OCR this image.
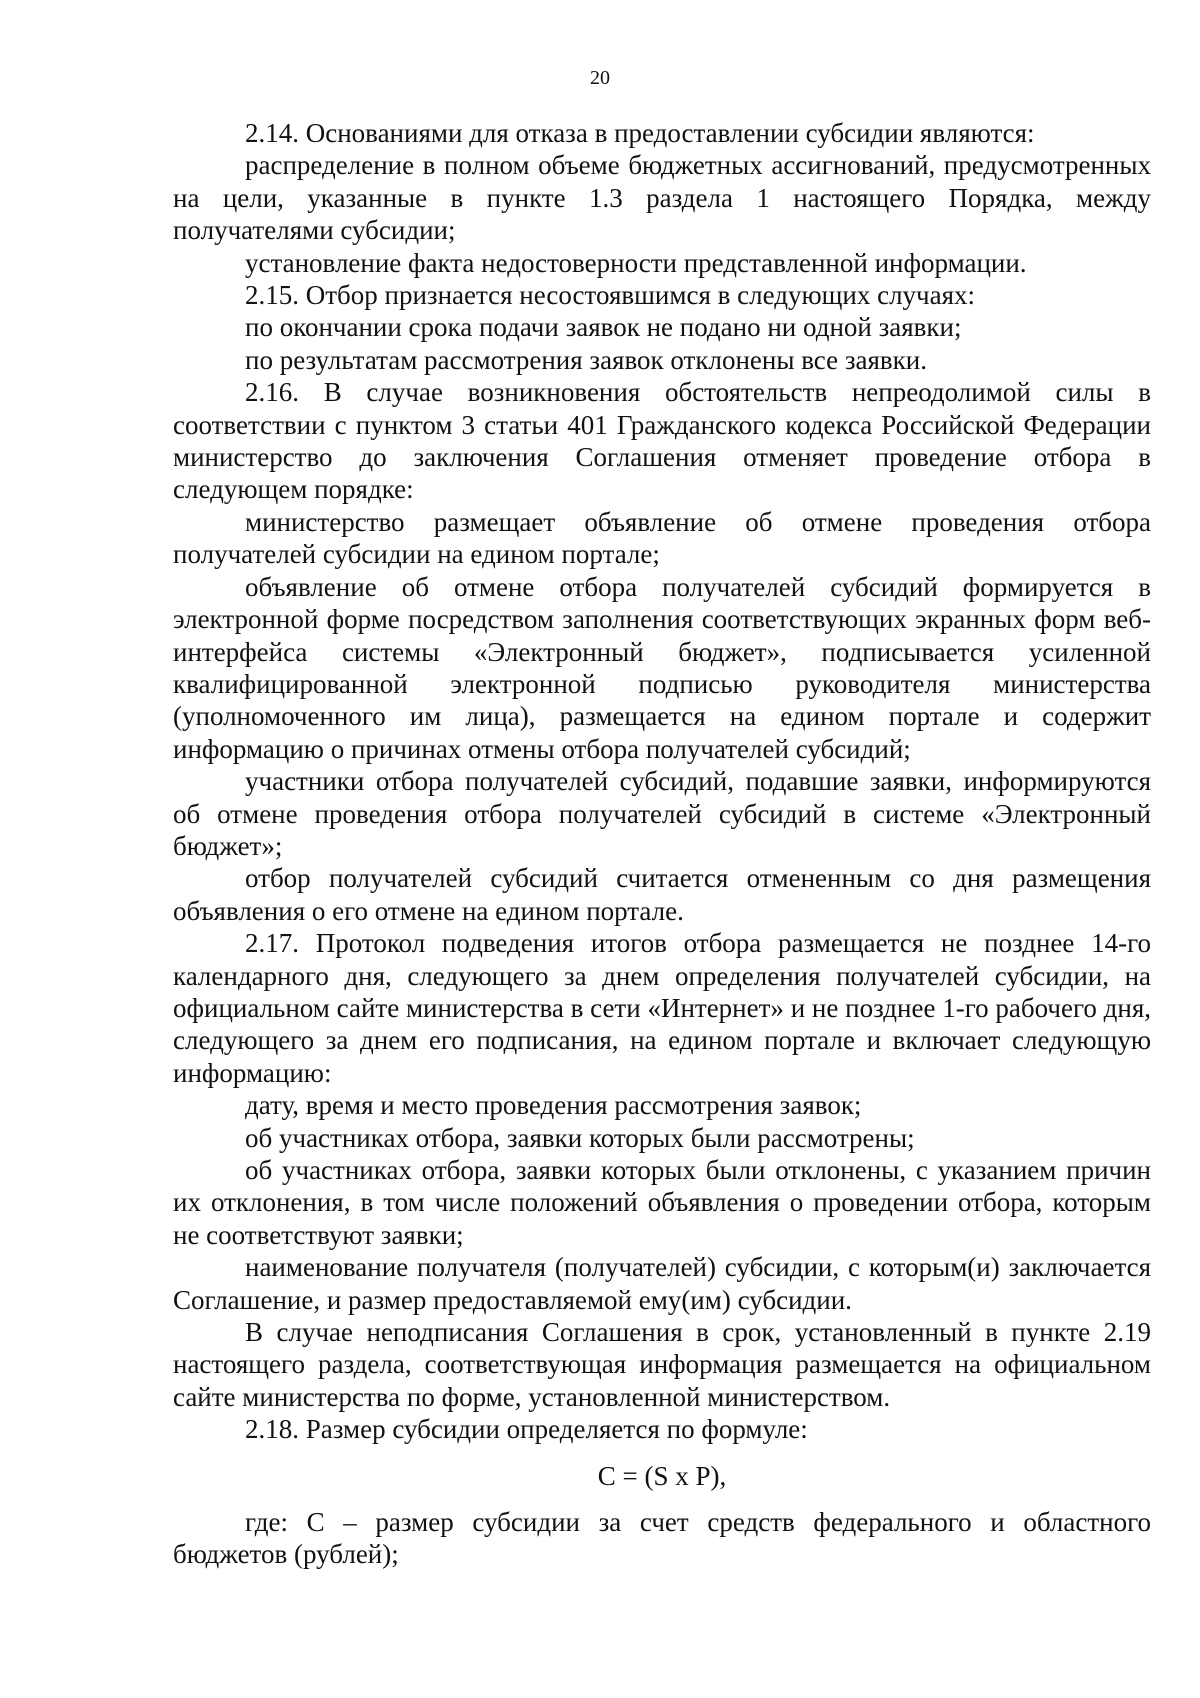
20

2.14. Основаниями для отказа в предоставлении субсидии являются:

распределение в полном объеме бюджетных ассигнований, предусмотренных на цели, указанные в пункте 1.3 раздела 1 настоящего Порядка, между получателями субсидии;

установление факта недостоверности представленной информации.

2.15. Отбор признается несостоявшимся в следующих случаях:

по окончании срока подачи заявок не подано ни одной заявки;

по результатам рассмотрения заявок отклонены все заявки.

2.16. В случае возникновения обстоятельств непреодолимой силы в соответствии с пунктом 3 статьи 401 Гражданского кодекса Российской Федерации министерство до заключения Соглашения отменяет проведение отбора в следующем порядке:

министерство размещает объявление об отмене проведения отбора получателей субсидии на едином портале;

объявление об отмене отбора получателей субсидий формируется в электронной форме посредством заполнения соответствующих экранных форм веб-интерфейса системы «Электронный бюджет», подписывается усиленной квалифицированной электронной подписью руководителя министерства (уполномоченного им лица), размещается на едином портале и содержит информацию о причинах отмены отбора получателей субсидий;

участники отбора получателей субсидий, подавшие заявки, информируются об отмене проведения отбора получателей субсидий в системе «Электронный бюджет»;

отбор получателей субсидий считается отмененным со дня размещения объявления о его отмене на едином портале.

2.17. Протокол подведения итогов отбора размещается не позднее 14-го календарного дня, следующего за днем определения получателей субсидии, на официальном сайте министерства в сети «Интернет» и не позднее 1-го рабочего дня, следующего за днем его подписания, на едином портале и включает следующую информацию:

дату, время и место проведения рассмотрения заявок;

об участниках отбора, заявки которых были рассмотрены;

об участниках отбора, заявки которых были отклонены, с указанием причин их отклонения, в том числе положений объявления о проведении отбора, которым не соответствуют заявки;

наименование получателя (получателей) субсидии, с которым(и) заключается Соглашение, и размер предоставляемой ему(им) субсидии.

В случае неподписания Соглашения в срок, установленный в пункте 2.19 настоящего раздела, соответствующая информация размещается на официальном сайте министерства по форме, установленной министерством.

2.18. Размер субсидии определяется по формуле:

С = (S x P),

где: С – размер субсидии за счет средств федерального и областного бюджетов (рублей);
